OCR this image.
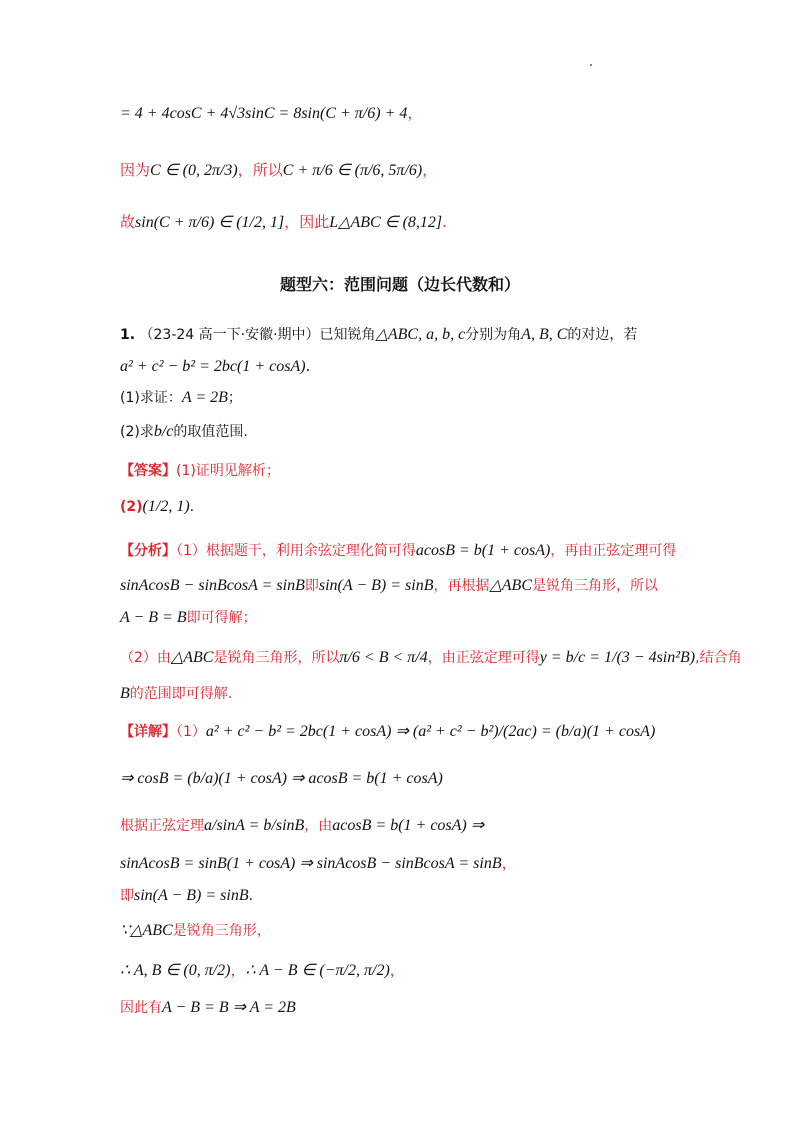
= 4 + 4cosC + 4√3sinC = 8sin(C + π/6) + 4，
因为C ∈ (0, 2π/3)，所以C + π/6 ∈ (π/6, 5π/6)，
故sin(C + π/6) ∈ (1/2, 1]，因此L△ABC ∈ (8,12].
题型六：范围问题（边长代数和）
1. （23-24 高一下·安徽·期中）已知锐角△ABC, a, b, c分别为角A, B, C的对边，若
a² + c² − b² = 2bc(1 + cosA).
(1)求证：A = 2B；
(2)求b/c的取值范围.
【答案】(1)证明见解析；
(2)(1/2, 1).
【分析】（1）根据题干，利用余弦定理化简可得acosB = b(1 + cosA)，再由正弦定理可得
sinAcosB − sinBcosA = sinB即sin(A − B) = sinB，再根据△ABC是锐角三角形，所以
A − B = B即可得解；
（2）由△ABC是锐角三角形，所以π/6 < B < π/4，由正弦定理可得y = b/c = 1/(3 − 4sin²B),结合角
B的范围即可得解.
【详解】（1）a² + c² − b² = 2bc(1 + cosA) ⇒ (a² + c² − b²)/(2ac) = (b/a)(1 + cosA)
⇒ cosB = (b/a)(1 + cosA) ⇒ acosB = b(1 + cosA)
根据正弦定理a/sinA = b/sinB，由acosB = b(1 + cosA) ⇒
sinAcosB = sinB(1 + cosA) ⇒ sinAcosB − sinBcosA = sinB，
即sin(A − B) = sinB.
∵△ABC是锐角三角形，
∴ A, B ∈ (0, π/2)，∴ A − B ∈ (−π/2, π/2)，
因此有A − B = B ⇒ A = 2B
